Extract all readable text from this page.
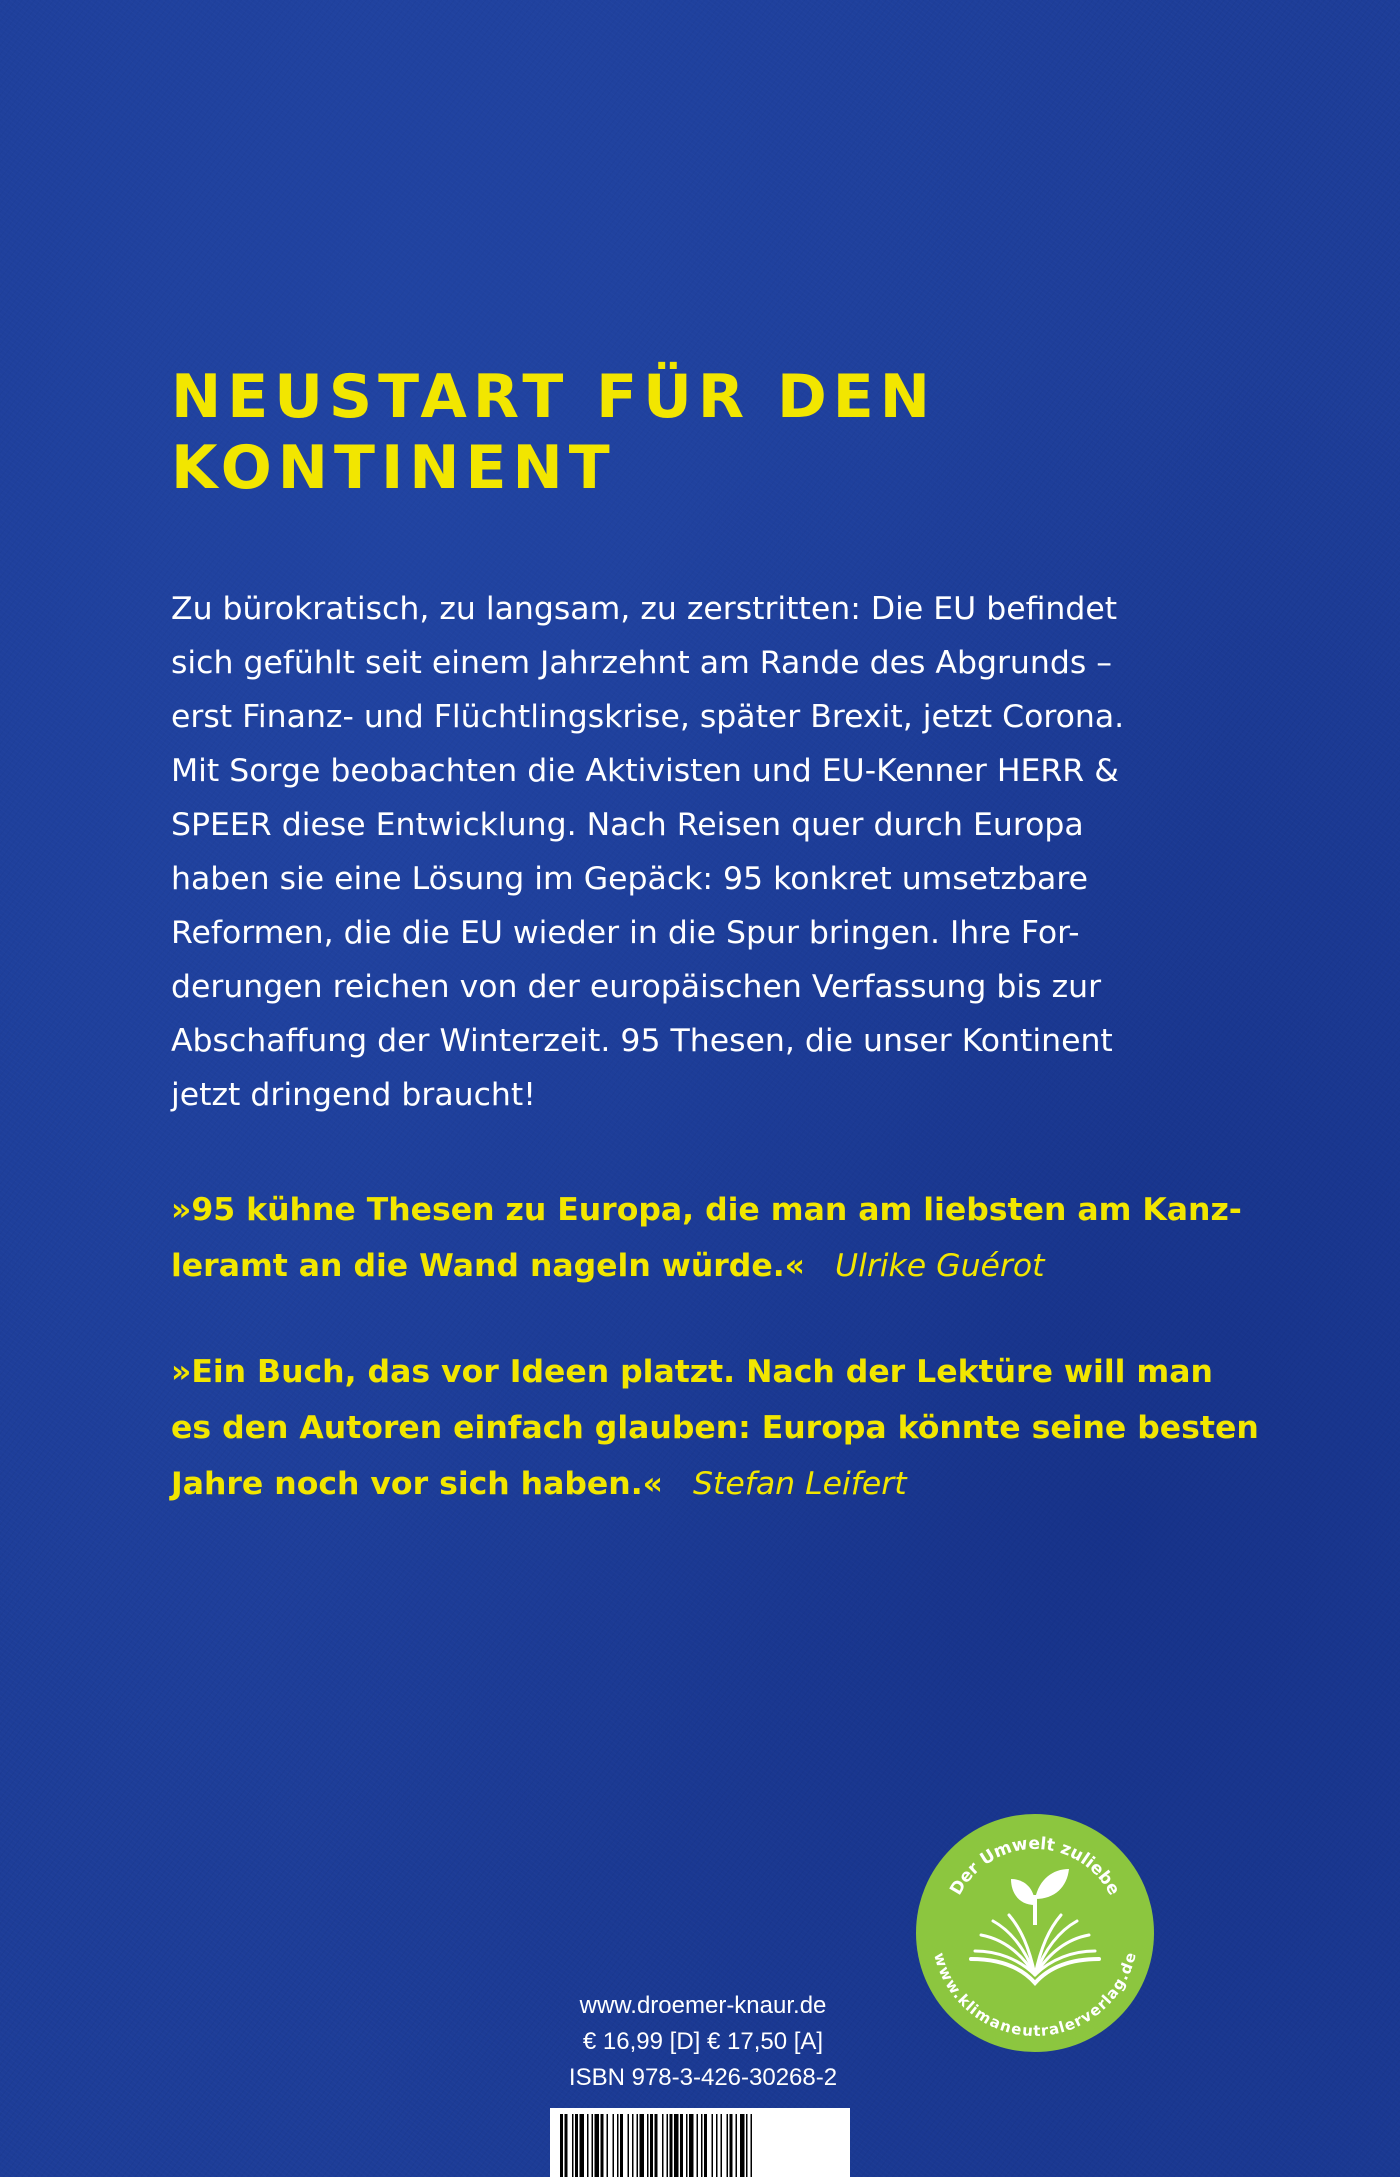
NEUSTART FÜR DEN
KONTINENT
Zu bürokratisch, zu langsam, zu zerstritten: Die EU befindet
sich gefühlt seit einem Jahrzehnt am Rande des Abgrunds –
erst Finanz- und Flüchtlingskrise, später Brexit, jetzt Corona.
Mit Sorge beobachten die Aktivisten und EU-Kenner HERR &
SPEER diese Entwicklung. Nach Reisen quer durch Europa
haben sie eine Lösung im Gepäck: 95 konkret umsetzbare
Reformen, die die EU wieder in die Spur bringen. Ihre For-
derungen reichen von der europäischen Verfassung bis zur
Abschaffung der Winterzeit. 95 Thesen, die unser Kontinent
jetzt dringend braucht!
»95 kühne Thesen zu Europa, die man am liebsten am Kanz-
leramt an die Wand nageln würde.« Ulrike Guérot
»Ein Buch, das vor Ideen platzt. Nach der Lektüre will man
es den Autoren einfach glauben: Europa könnte seine besten
Jahre noch vor sich haben.« Stefan Leifert
www.droemer-knaur.de
€ 16,99 [D] € 17,50 [A]
ISBN 978-3-426-30268-2
Der Umwelt zuliebe
www.klimaneutralerverlag.de
